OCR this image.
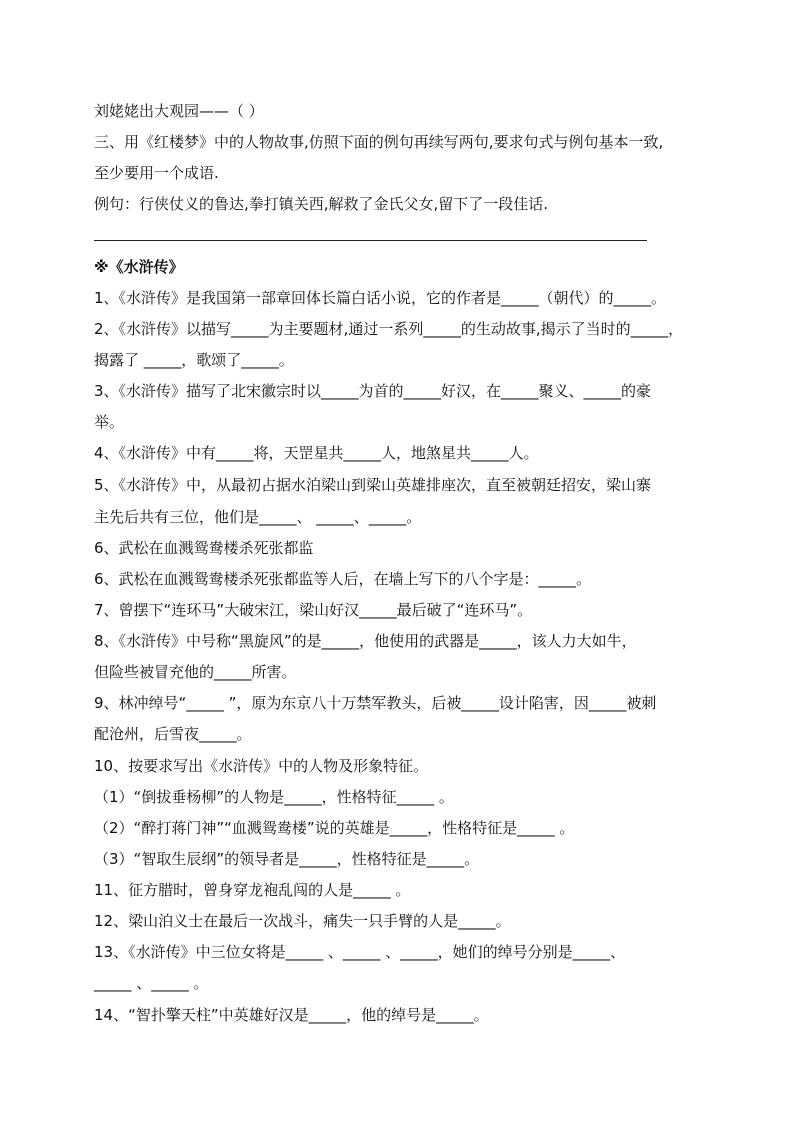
刘姥姥出大观园——（ ）
三、用《红楼梦》中的人物故事,仿照下面的例句再续写两句,要求句式与例句基本一致,
至少要用一个成语.
例句：行侠仗义的鲁达,拳打镇关西,解救了金氏父女,留下了一段佳话.
※《水浒传》
1、《水浒传》是我国第一部章回体长篇白话小说，它的作者是_____（朝代）的_____。
2、《水浒传》以描写_____为主要题材,通过一系列_____的生动故事,揭示了当时的_____，
揭露了 _____，歌颂了_____。
3、《水浒传》描写了北宋徽宗时以_____为首的_____好汉，在_____聚义、_____的豪
举。
4、《水浒传》中有_____将，天罡星共_____人，地煞星共_____人。
5、《水浒传》中，从最初占据水泊梁山到梁山英雄排座次，直至被朝廷招安，梁山寨
主先后共有三位，他们是_____、 _____、_____。
6、武松在血溅鸳鸯楼杀死张都监
6、武松在血溅鸳鸯楼杀死张都监等人后，在墙上写下的八个字是：_____。
7、曾摆下“连环马”大破宋江，梁山好汉_____最后破了“连环马”。
8、《水浒传》中号称“黑旋风”的是_____，他使用的武器是_____，该人力大如牛，
但险些被冒充他的_____所害。
9、林冲绰号“_____ ”，原为东京八十万禁军教头，后被_____设计陷害，因_____被刺
配沧州，后雪夜_____。
10、按要求写出《水浒传》中的人物及形象特征。
（1）“倒拔垂杨柳”的人物是_____，性格特征_____ 。
（2）“醉打蒋门神”“血溅鸳鸯楼”说的英雄是_____，性格特征是_____ 。
（3）“智取生辰纲”的领导者是_____，性格特征是_____。
11、征方腊时，曾身穿龙袍乱闯的人是_____ 。
12、梁山泊义士在最后一次战斗，痛失一只手臂的人是_____。
13、《水浒传》中三位女将是_____ 、_____ 、_____，她们的绰号分别是_____、
_____ 、_____ 。
14、“智扑擎天柱”中英雄好汉是_____，他的绰号是_____。
